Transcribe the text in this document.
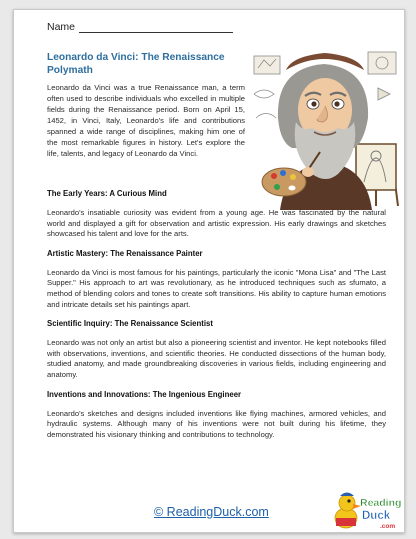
Name
Leonardo da Vinci: The Renaissance Polymath
Leonardo da Vinci was a true Renaissance man, a term often used to describe individuals who excelled in multiple fields during the Renaissance period. Born on April 15, 1452, in Vinci, Italy, Leonardo's life and contributions spanned a wide range of disciplines, making him one of the most remarkable figures in history. Let's explore the life, talents, and legacy of Leonardo da Vinci.
The Early Years: A Curious Mind
Leonardo's insatiable curiosity was evident from a young age. He was fascinated by the natural world and displayed a gift for observation and artistic expression. His early drawings and sketches showcased his talent and love for the arts.
Artistic Mastery: The Renaissance Painter
Leonardo da Vinci is most famous for his paintings, particularly the iconic "Mona Lisa" and "The Last Supper." His approach to art was revolutionary, as he introduced techniques such as sfumato, a method of blending colors and tones to create soft transitions. His ability to capture human emotions and intricate details set his paintings apart.
Scientific Inquiry: The Renaissance Scientist
Leonardo was not only an artist but also a pioneering scientist and inventor. He kept notebooks filled with observations, inventions, and scientific theories. He conducted dissections of the human body, studied anatomy, and made groundbreaking discoveries in various fields, including engineering and anatomy.
Inventions and Innovations: The Ingenious Engineer
Leonardo's sketches and designs included inventions like flying machines, armored vehicles, and hydraulic systems. Although many of his inventions were not built during his lifetime, they demonstrated his visionary thinking and contributions to technology.
© ReadingDuck.com
Reading
Duck
.com
